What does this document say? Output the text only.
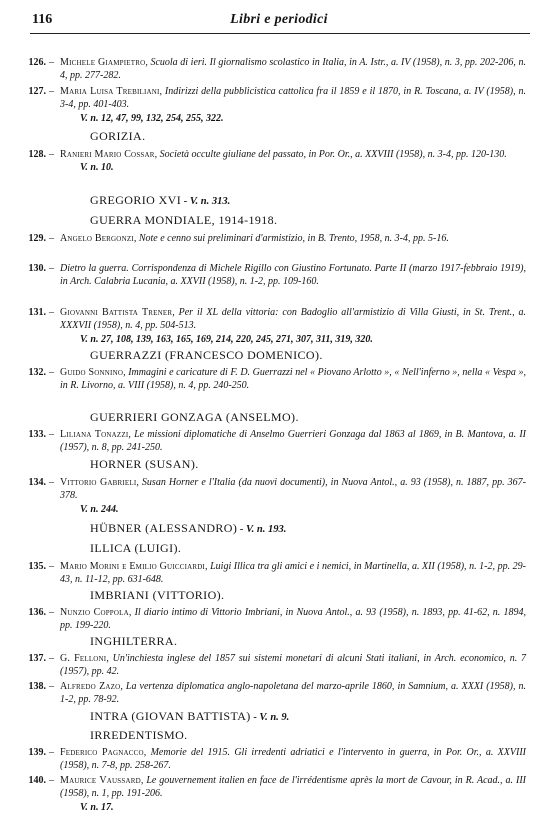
116	Libri e periodici
126. – Michele Giampietro, Scuola di ieri. Il giornalismo scolastico in Italia, in A. Istr., a. IV (1958), n. 3, pp. 202-206, n. 4, pp. 277-282.
127. – Maria Luisa Trebiliani, Indirizzi della pubblicistica cattolica fra il 1859 e il 1870, in R. Toscana, a. IV (1958), n. 3-4, pp. 401-403.
V. n. 12, 47, 99, 132, 254, 255, 322.
GORIZIA.
128. – Ranieri Mario Cossar, Società occulte giuliane del passato, in Por. Or., a. XXVIII (1958), n. 3-4, pp. 120-130.
V. n. 10.
GREGORIO XVI - V. n. 313.
GUERRA MONDIALE, 1914-1918.
129. – Angelo Bergonzi, Note e cenno sui preliminari d'armistizio, in B. Trento, 1958, n. 3-4, pp. 5-16.
130. – Dietro la guerra. Corrispondenza di Michele Rigillo con Giustino Fortunato. Parte II (marzo 1917-febbraio 1919), in Arch. Calabria Lucania, a. XXVII (1958), n. 1-2, pp. 109-160.
131. – Giovanni Battista Trener, Per il XL della vittoria: con Badoglio all'armistizio di Villa Giusti, in St. Trent., a. XXXVII (1958), n. 4, pp. 504-513.
V. n. 27, 108, 139, 163, 165, 169, 214, 220, 245, 271, 307, 311, 319, 320.
GUERRAZZI (FRANCESCO DOMENICO).
132. – Guido Sonnino, Immagini e caricature di F. D. Guerrazzi nel « Piovano Arlotto », « Nell'inferno », nella « Vespa », in R. Livorno, a. VIII (1958), n. 4, pp. 240-250.
GUERRIERI GONZAGA (ANSELMO).
133. – Liliana Tonazzi, Le missioni diplomatiche di Anselmo Guerrieri Gonzaga dal 1863 al 1869, in B. Mantova, a. II (1957), n. 8, pp. 241-250.
HORNER (SUSAN).
134. – Vittorio Gabrieli, Susan Horner e l'Italia (da nuovi documenti), in Nuova Antol., a. 93 (1958), n. 1887, pp. 367-378.
V. n. 244.
HÜBNER (ALESSANDRO) - V. n. 193.
ILLICA (LUIGI).
135. – Mario Morini e Emilio Guicciardi, Luigi Illica tra gli amici e i nemici, in Martinella, a. XII (1958), n. 1-2, pp. 29-43, n. 11-12, pp. 631-648.
IMBRIANI (VITTORIO).
136. – Nunzio Coppola, Il diario intimo di Vittorio Imbriani, in Nuova Antol., a. 93 (1958), n. 1893, pp. 41-62, n. 1894, pp. 199-220.
INGHILTERRA.
137. – G. Felloni, Un'inchiesta inglese del 1857 sui sistemi monetari di alcuni Stati italiani, in Arch. economico, n. 7 (1957), pp. 42.
138. – Alfredo Zazo, La vertenza diplomatica anglo-napoletana del marzo-aprile 1860, in Samnium, a. XXXI (1958), n. 1-2, pp. 78-92.
INTRA (GIOVAN BATTISTA) - V. n. 9.
IRREDENTISMO.
139. – Federico Pagnacco, Memorie del 1915. Gli irredenti adriatici e l'intervento in guerra, in Por. Or., a. XXVIII (1958), n. 7-8, pp. 258-267.
140. – Maurice Vaussard, Le gouvernement italien en face de l'irrédentisme après la mort de Cavour, in R. Acad., a. III (1958), n. 1, pp. 191-206.
V. n. 17.
